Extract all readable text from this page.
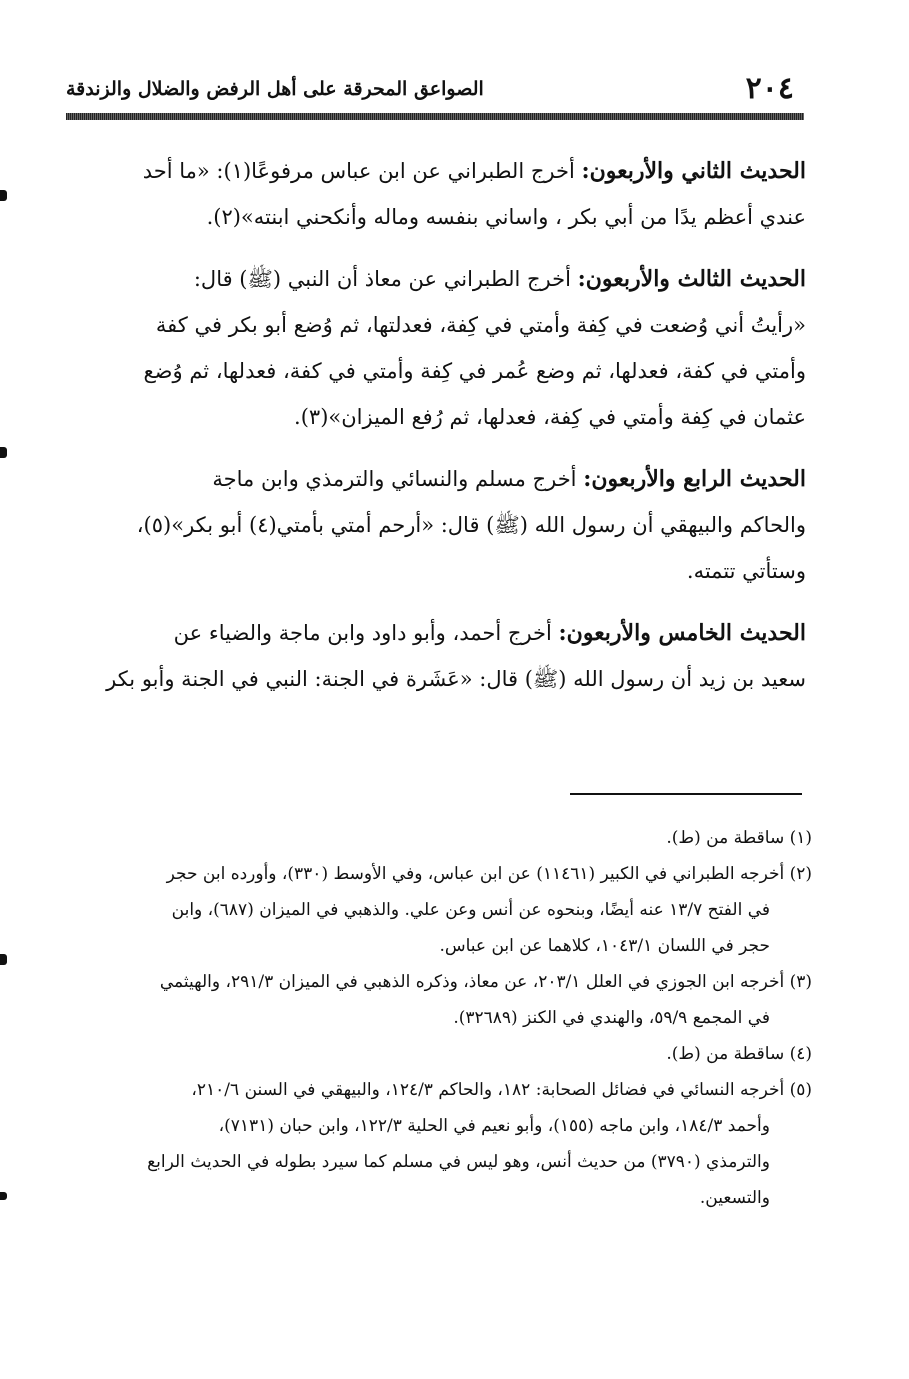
٢٠٤
الصواعق المحرقة على أهل الرفض والضلال والزندقة

الحديث الثاني والأربعون: أخرج الطبراني عن ابن عباس مرفوعًا(١): «ما أحد

عندي أعظم يدًا من أبي بكر ، واساني بنفسه وماله وأنكحني ابنته»(٢).

الحديث الثالث والأربعون: أخرج الطبراني عن معاذ أن النبي (ﷺ) قال:

«رأيتُ أني وُضعت في كِفة وأمتي في كِفة، فعدلتها، ثم وُضع أبو بكر في كفة

وأمتي في كفة، فعدلها، ثم وضع عُمر في كِفة وأمتي في كفة، فعدلها، ثم وُضع

عثمان في كِفة وأمتي في كِفة، فعدلها، ثم رُفع الميزان»(٣).

الحديث الرابع والأربعون: أخرج مسلم والنسائي والترمذي وابن ماجة

والحاكم والبيهقي أن رسول الله (ﷺ) قال: «أرحم أمتي بأمتي(٤) أبو بكر»(٥)،

وستأتي تتمته.

الحديث الخامس والأربعون: أخرج أحمد، وأبو داود وابن ماجة والضياء عن

سعيد بن زيد أن رسول الله (ﷺ) قال: «عَشَرة في الجنة: النبي في الجنة وأبو بكر

(١) ساقطة من (ط).

(٢) أخرجه الطبراني في الكبير (١١٤٦١) عن ابن عباس، وفي الأوسط (٣٣٠)، وأورده ابن حجر

في الفتح ١٣/٧ عنه أيضًا، وبنحوه عن أنس وعن علي. والذهبي في الميزان (٦٨٧)، وابن

حجر في اللسان ١٠٤٣/١، كلاهما عن ابن عباس.

(٣) أخرجه ابن الجوزي في العلل ٢٠٣/١، عن معاذ، وذكره الذهبي في الميزان ٢٩١/٣، والهيثمي

في المجمع ٥٩/٩، والهندي في الكنز (٣٢٦٨٩).

(٤) ساقطة من (ط).

(٥) أخرجه النسائي في فضائل الصحابة: ١٨٢، والحاكم ١٢٤/٣، والبيهقي في السنن ٢١٠/٦،

وأحمد ١٨٤/٣، وابن ماجه (١٥٥)، وأبو نعيم في الحلية ١٢٢/٣، وابن حبان (٧١٣١)،

والترمذي (٣٧٩٠) من حديث أنس، وهو ليس في مسلم كما سيرد بطوله في الحديث الرابع

والتسعين.
